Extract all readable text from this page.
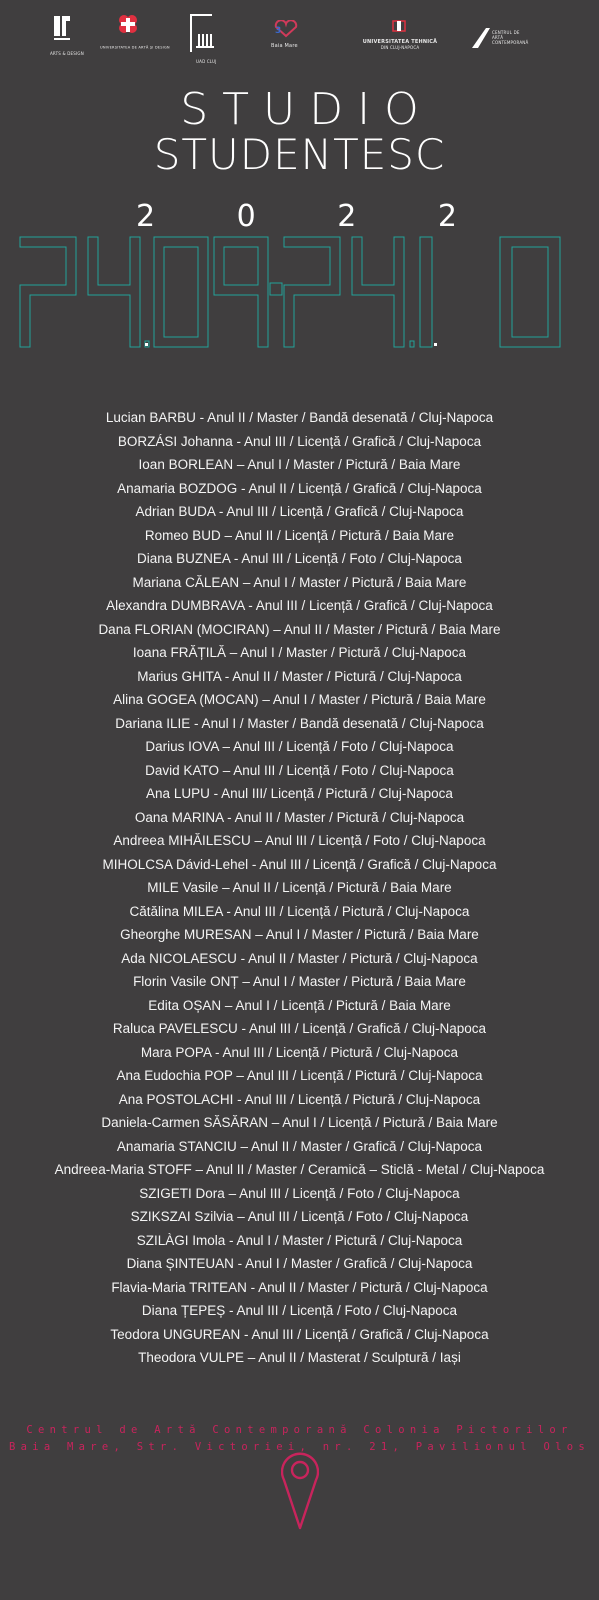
ARTS & DESIGN
UNIVERSITATEA DE ARTĂ ȘI DESIGN
UAD CLUJ
3
Baia Mare
UNIVERSITATEA TEHNICĂ
DIN CLUJ-NAPOCA
CENTRUL DE ARTĂ CONTEMPORANĂ
STUDIO
STUDENTESC
2 0 2 2
Lucian BARBU - Anul II / Master / Bandă desenată / Cluj-Napoca
BORZÁSI Johanna - Anul III / Licență / Grafică / Cluj-Napoca
Ioan BORLEAN – Anul I / Master / Pictură / Baia Mare
Anamaria BOZDOG - Anul II / Licență / Grafică / Cluj-Napoca
Adrian BUDA - Anul III / Licență / Grafică / Cluj-Napoca
Romeo BUD – Anul II / Licență / Pictură / Baia Mare
Diana BUZNEA - Anul III / Licență / Foto / Cluj-Napoca
Mariana CĂLEAN – Anul I / Master / Pictură / Baia Mare
Alexandra DUMBRAVA - Anul III / Licență / Grafică / Cluj-Napoca
Dana FLORIAN (MOCIRAN) – Anul II / Master / Pictură / Baia Mare
Ioana FRĂȚILĂ – Anul I / Master / Pictură / Cluj-Napoca
Marius GHITA - Anul II / Master / Pictură / Cluj-Napoca
Alina GOGEA (MOCAN) – Anul I / Master / Pictură / Baia Mare
Dariana ILIE - Anul I / Master / Bandă desenată / Cluj-Napoca
Darius IOVA – Anul III / Licență / Foto / Cluj-Napoca
David KATO – Anul III / Licență / Foto / Cluj-Napoca
Ana LUPU - Anul III/ Licență / Pictură / Cluj-Napoca
Oana MARINA - Anul II / Master / Pictură / Cluj-Napoca
Andreea MIHĂILESCU – Anul III / Licență / Foto / Cluj-Napoca
MIHOLCSA Dávid-Lehel - Anul III / Licență / Grafică / Cluj-Napoca
MILE Vasile – Anul II / Licență / Pictură / Baia Mare
Cătălina MILEA - Anul III / Licență / Pictură / Cluj-Napoca
Gheorghe MURESAN – Anul I / Master / Pictură / Baia Mare
Ada NICOLAESCU - Anul II / Master / Pictură / Cluj-Napoca
Florin Vasile ONȚ – Anul I / Master / Pictură / Baia Mare
Edita OȘAN – Anul I / Licență / Pictură / Baia Mare
Raluca PAVELESCU - Anul III / Licență / Grafică / Cluj-Napoca
Mara POPA - Anul III / Licență / Pictură / Cluj-Napoca
Ana Eudochia POP – Anul III / Licență / Pictură / Cluj-Napoca
Ana POSTOLACHI - Anul III / Licență / Pictură / Cluj-Napoca
Daniela-Carmen SĂSĂRAN – Anul I / Licență / Pictură / Baia Mare
Anamaria STANCIU – Anul II / Master / Grafică / Cluj-Napoca
Andreea-Maria STOFF – Anul II / Master / Ceramică – Sticlă - Metal / Cluj-Napoca
SZIGETI Dora – Anul III / Licență / Foto / Cluj-Napoca
SZIKSZAI Szilvia – Anul III / Licență / Foto / Cluj-Napoca
SZILÀGI Imola - Anul I / Master / Pictură / Cluj-Napoca
Diana ȘINTEUAN - Anul I / Master / Grafică / Cluj-Napoca
Flavia-Maria TRITEAN - Anul II / Master / Pictură / Cluj-Napoca
Diana ȚEPEȘ - Anul III / Licență / Foto / Cluj-Napoca
Teodora UNGUREAN - Anul III / Licență / Grafică / Cluj-Napoca
Theodora VULPE – Anul II / Masterat / Sculptură / Iași
Centrul de Artă Contemporană Colonia Pictorilor
Baia Mare, Str. Victoriei, nr. 21, Pavilionul Olos
